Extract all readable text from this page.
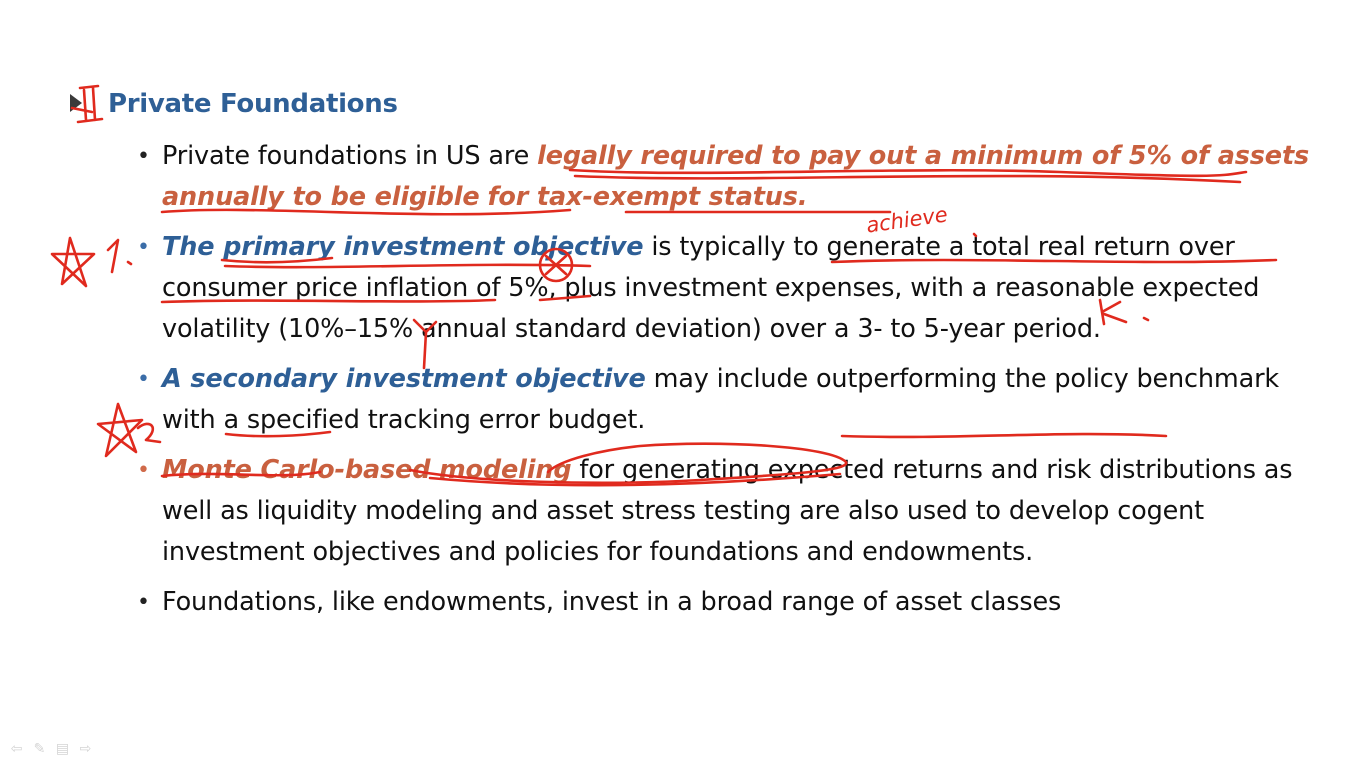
Private Foundations
• Private foundations in US are legally required to pay out a minimum of 5% of assets annually to be eligible for tax-exempt status.
• The primary investment objective is typically to generate a total real return over consumer price inflation of 5%, plus investment expenses, with a reasonable expected volatility (10%–15% annual standard deviation) over a 3- to 5-year period.
• A secondary investment objective may include outperforming the policy benchmark with a specified tracking error budget.
• Monte Carlo-based modeling for generating expected returns and risk distributions as well as liquidity modeling and asset stress testing are also used to develop cogent investment objectives and policies for foundations and endowments.
• Foundations, like endowments, invest in a broad range of asset classes
achieve
⇦ ✎ ▤ ⇨
